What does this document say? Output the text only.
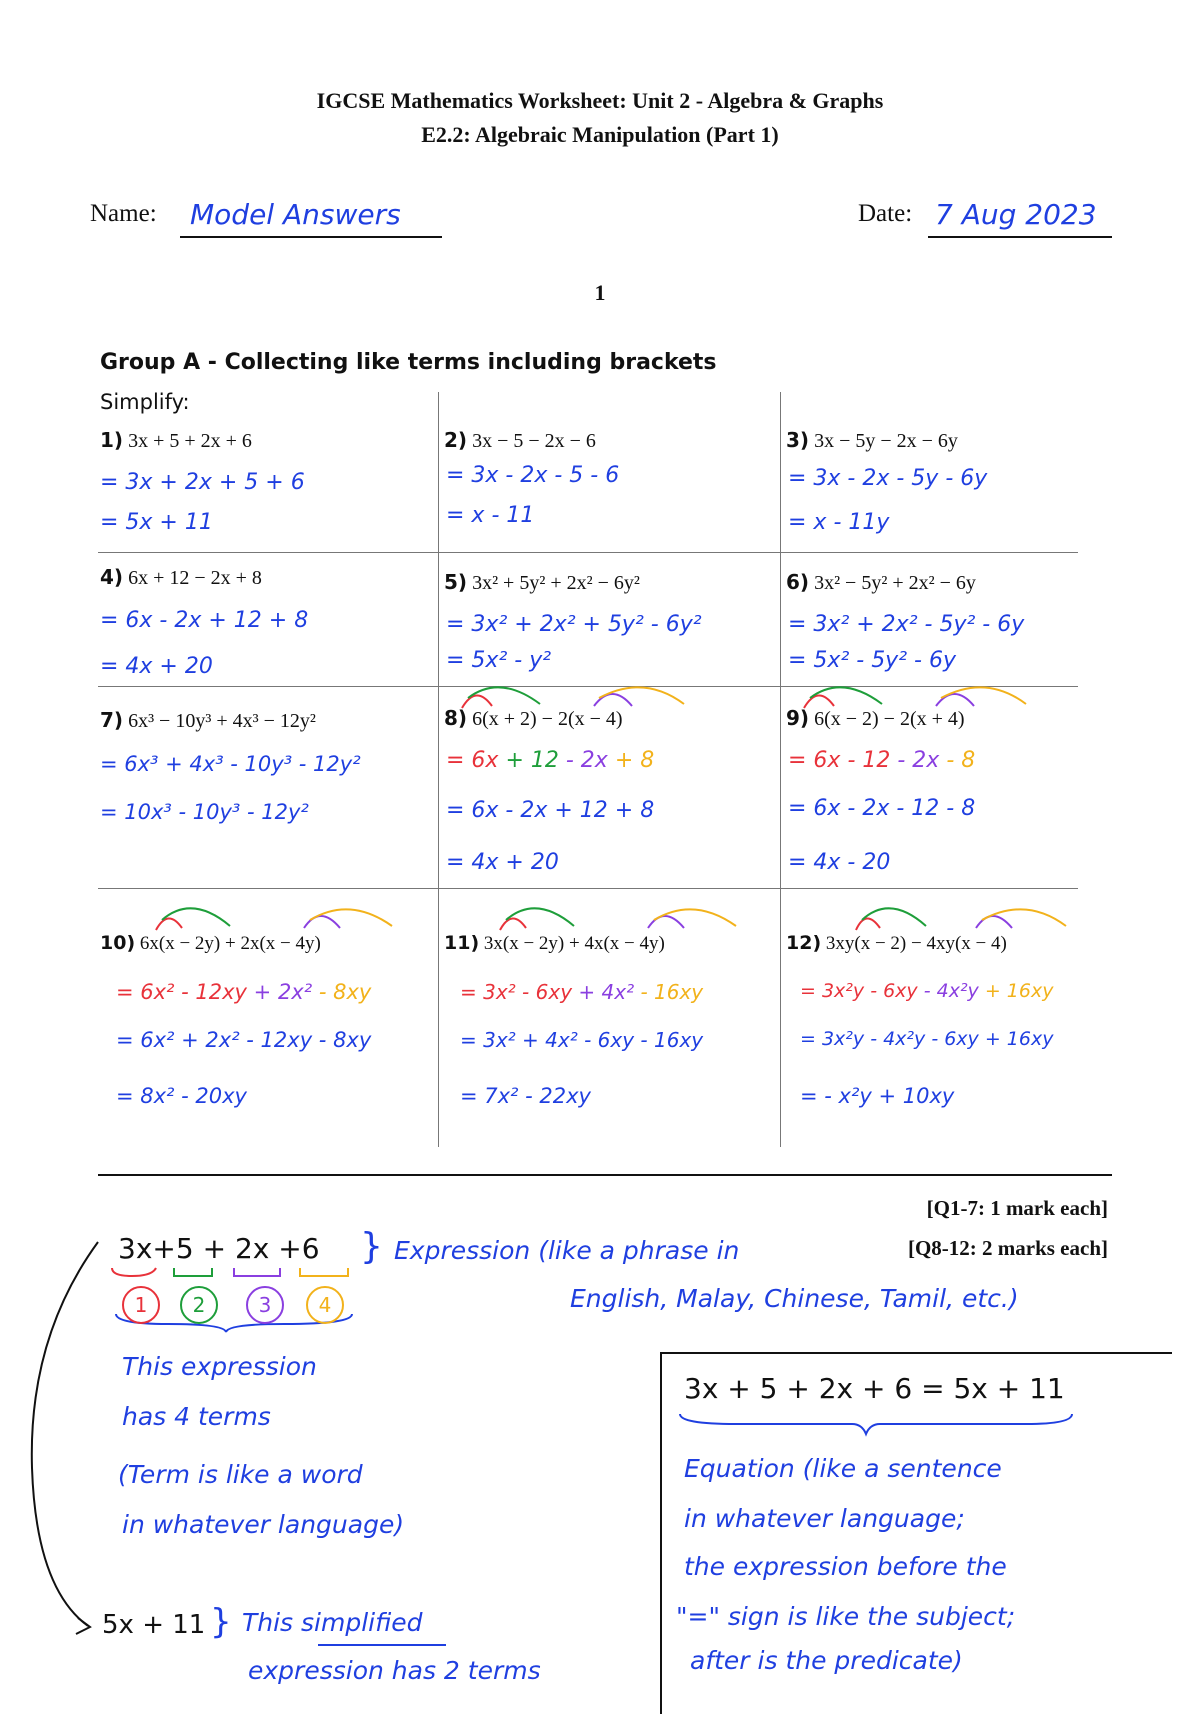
IGCSE Mathematics Worksheet: Unit 2 - Algebra & Graphs
E2.2: Algebraic Manipulation (Part 1)
Name: Model Answers	Date: 7 Aug 2023
1
Group A - Collecting like terms including brackets
Simplify:
1) 3x + 5 + 2x + 6
= 3x + 2x + 5 + 6
= 5x + 11
2) 3x − 5 − 2x − 6
= 3x - 2x - 5 - 6
= x - 11
3) 3x − 5y − 2x − 6y
= 3x - 2x - 5y - 6y
= x - 11y
4) 6x + 12 − 2x + 8
= 6x - 2x + 12 + 8
= 4x + 20
5) 3x² + 5y² + 2x² − 6y²
= 3x² + 2x² + 5y² - 6y²
= 5x² - y²
6) 3x² − 5y² + 2x² − 6y
= 3x² + 2x² - 5y² - 6y
= 5x² - 5y² - 6y
7) 6x³ − 10y³ + 4x³ − 12y²
= 6x³ + 4x³ - 10y³ - 12y²
= 10x³ - 10y³ - 12y²
8) 6(x + 2) − 2(x − 4)
= 6x + 12 - 2x + 8
= 6x - 2x + 12 + 8
= 4x + 20
9) 6(x − 2) − 2(x + 4)
= 6x - 12 - 2x - 8
= 6x - 2x - 12 - 8
= 4x - 20
10) 6x(x − 2y) + 2x(x − 4y)
= 6x² - 12xy + 2x² - 8xy
= 6x² + 2x² - 12xy - 8xy
= 8x² - 20xy
11) 3x(x − 2y) + 4x(x − 4y)
= 3x² - 6xy + 4x² - 16xy
= 3x² + 4x² - 6xy - 16xy
= 7x² - 22xy
12) 3xy(x − 2) − 4xy(x − 4)
= 3x²y - 6xy - 4x²y + 16xy
= 3x²y - 4x²y - 6xy + 16xy
= - x²y + 10xy
[Q1-7: 1 mark each]
[Q8-12: 2 marks each]
3x+5 + 2x +6
1	2	3	4
} Expression (like a phrase in
English, Malay, Chinese, Tamil, etc.)
This expression
has 4 terms
(Term is like a word
in whatever language)
5x + 11 } This simplified
expression has 2 terms
3x + 5 + 2x + 6 = 5x + 11
Equation (like a sentence
in whatever language;
the expression before the
"=" sign is like the subject;
after is the predicate)
